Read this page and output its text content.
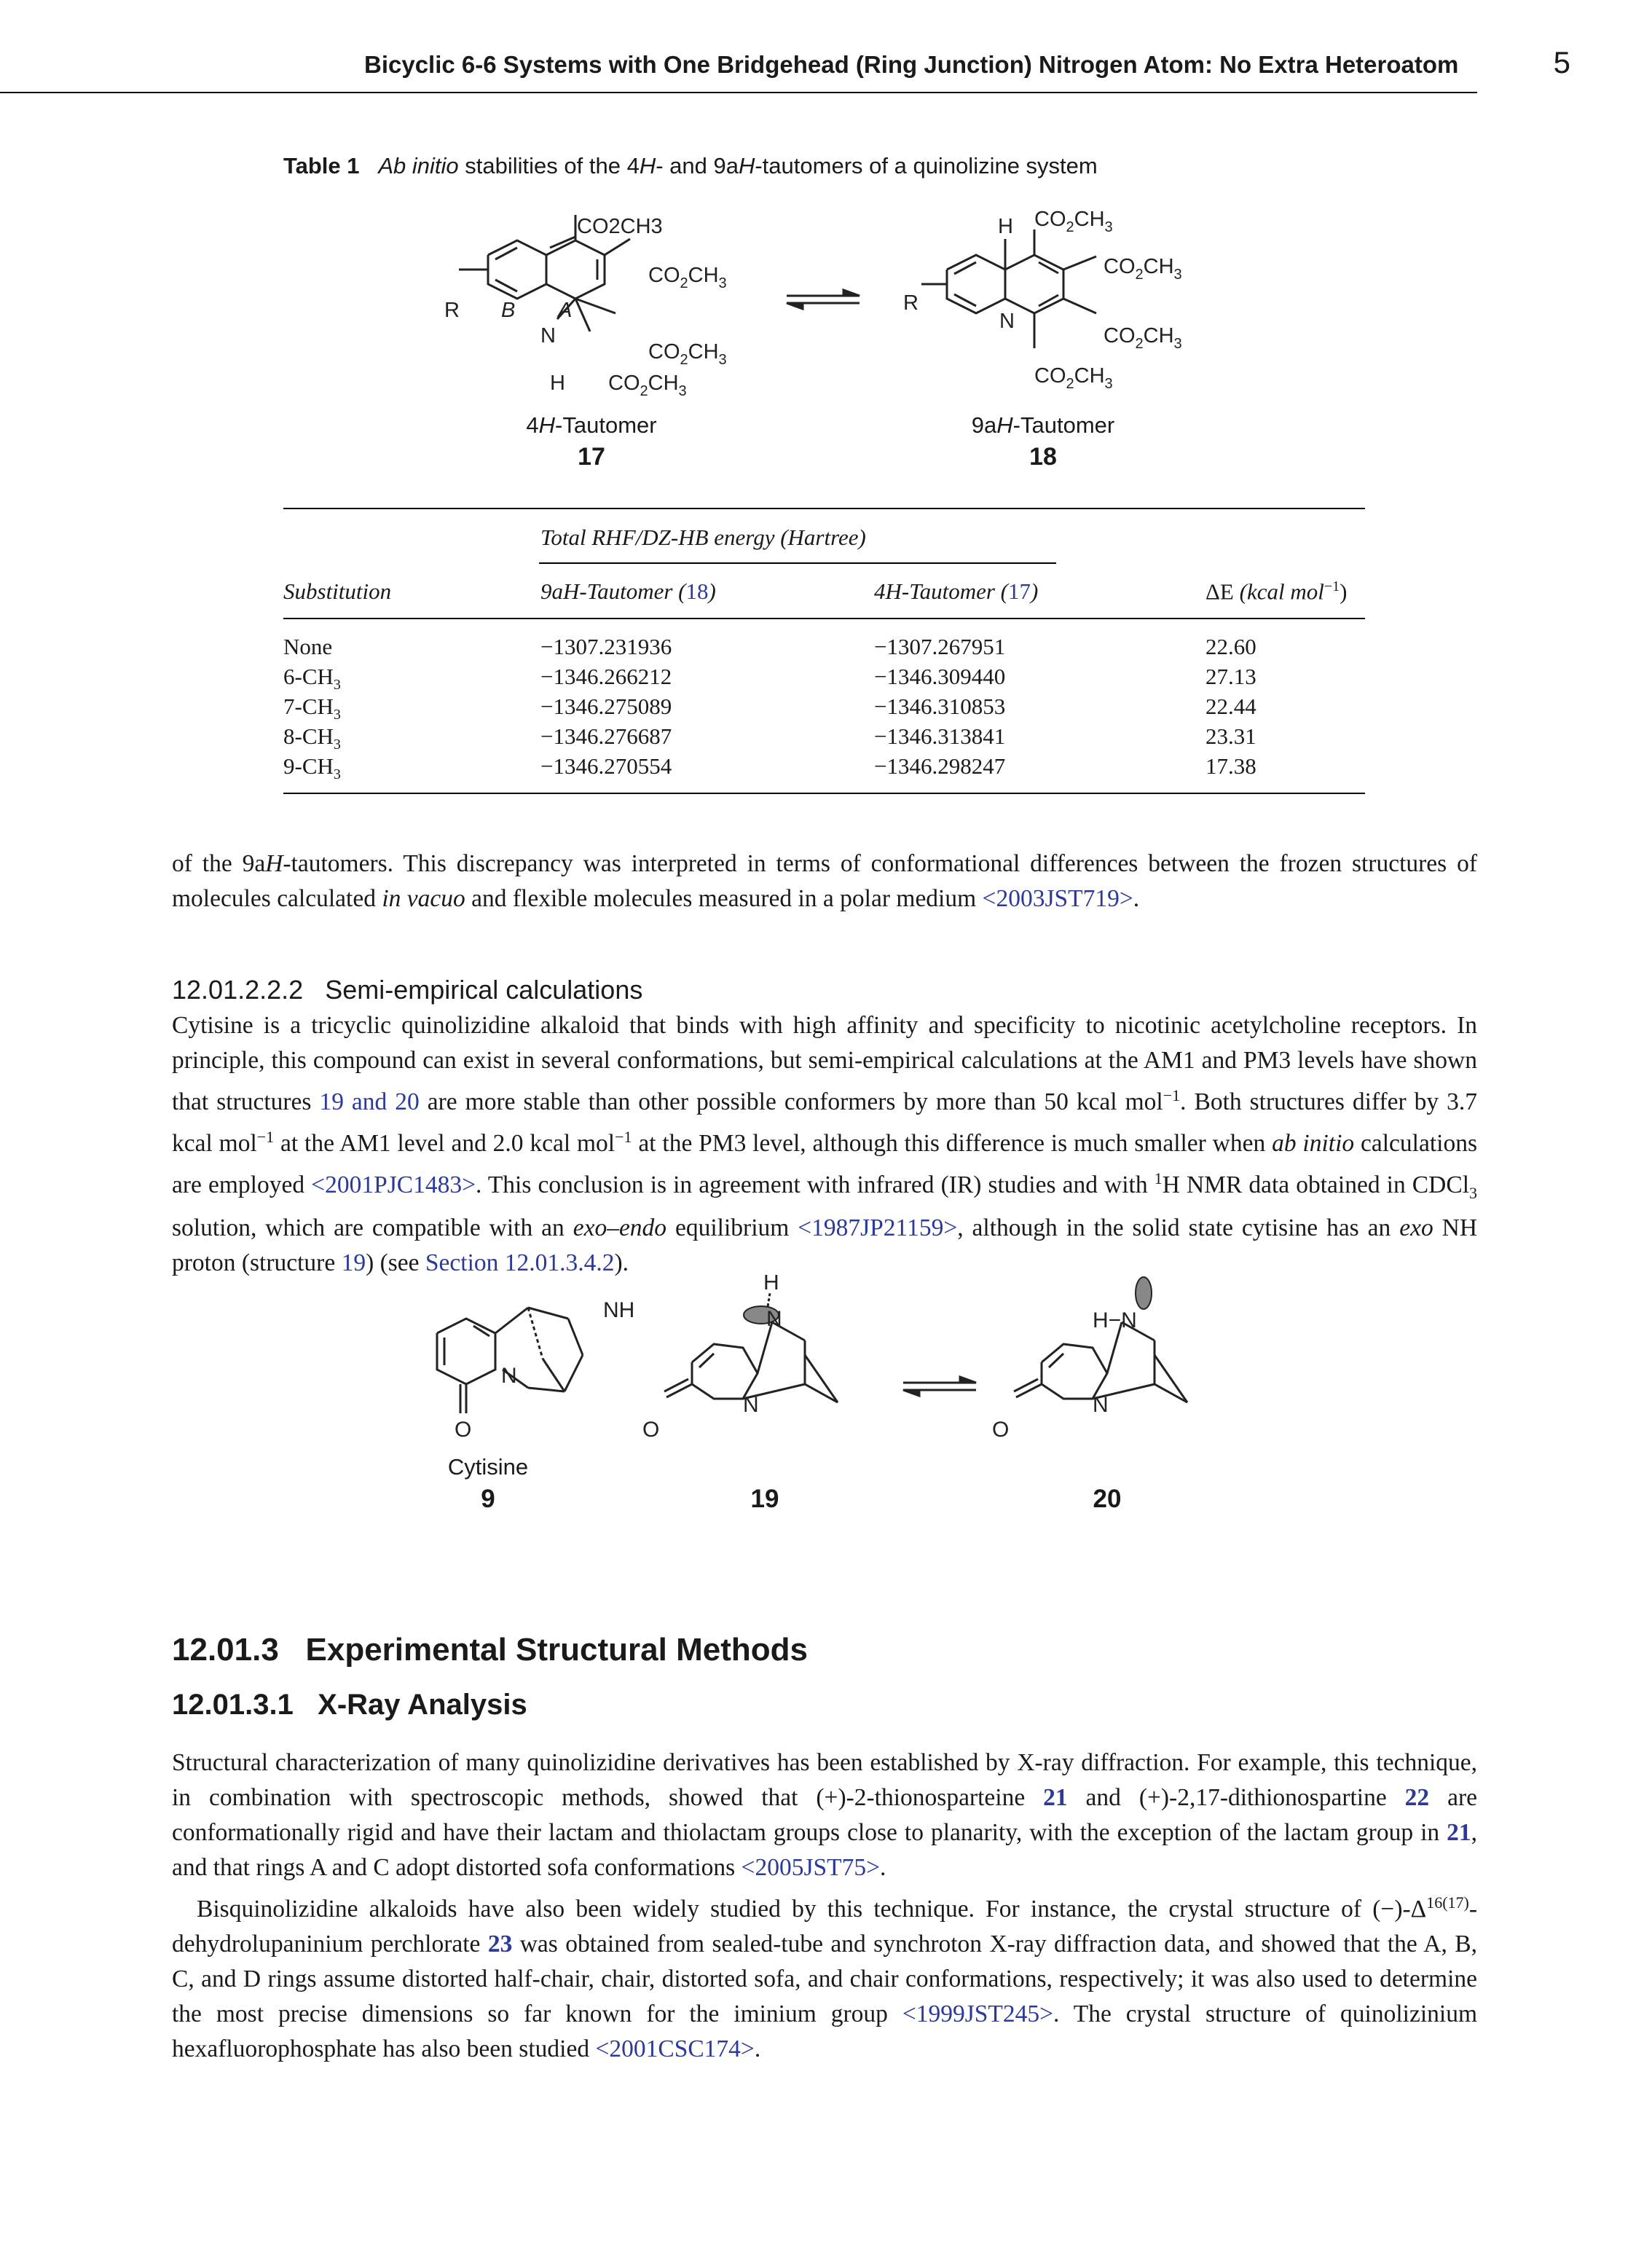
Bicyclic 6-6 Systems with One Bridgehead (Ring Junction) Nitrogen Atom: No Extra Heteroatom	5
Table 1 Ab initio stabilities of the 4H- and 9aH-tautomers of a quinolizine system
CO2CH3
$CO_2CH_3$
$CO_2CH_3$
$CO_2CH_3$
R B A
N
H
H $CO_2CH_3$
$CO_2CH_3$
$CO_2CH_3$
$CO_2CH_3$
R
N
4H-Tautomer
17
9aH-Tautomer
18
Total RHF/DZ-HB energy (Hartree)
Substitution	9aH-Tautomer (18)	4H-Tautomer (17)	ΔE (kcal mol$^{-1}$)
None	−1307.231936	−1307.267951	22.60
$6-CH_3$	−1346.266212	−1346.309440	27.13
$7-CH_3$	−1346.275089	−1346.310853	22.44
$8-CH_3$	−1346.276687	−1346.313841	23.31
$9-CH_3$	−1346.270554	−1346.298247	17.38

of the 9aH-tautomers. This discrepancy was interpreted in terms of conformational differences between the frozen structures of molecules calculated in vacuo and flexible molecules measured in a polar medium <2003JST719>.

12.01.2.2.2 Semi-empirical calculations

Cytisine is a tricyclic quinolizidine alkaloid that binds with high affinity and specificity to nicotinic acetylcholine receptors. In principle, this compound can exist in several conformations, but semi-empirical calculations at the AM1 and PM3 levels have shown that structures 19 and 20 are more stable than other possible conformers by more than 50 kcal mol$^{-1}$. Both structures differ by 3.7 kcal mol$^{-1}$ at the AM1 level and 2.0 kcal mol$^{-1}$ at the PM3 level, although this difference is much smaller when ab initio calculations are employed <2001PJC1483>. This conclusion is in agreement with infrared (IR) studies and with $^1$H NMR data obtained in CDCl$_3$ solution, which are compatible with an exo–endo equilibrium <1987JP21159>, although in the solid state cytisine has an exo NH proton (structure 19) (see Section 12.01.3.4.2).

NH
N
O
H
N
N
O
H−N
N
O
Cytisine
9	19	20
12.01.3 Experimental Structural Methods
12.01.3.1 X-Ray Analysis

Structural characterization of many quinolizidine derivatives has been established by X-ray diffraction. For example, this technique, in combination with spectroscopic methods, showed that (+)-2-thionosparteine 21 and (+)-2,17-dithionospartine 22 are conformationally rigid and have their lactam and thiolactam groups close to planarity, with the exception of the lactam group in 21, and that rings A and C adopt distorted sofa conformations <2005JST75>.

Bisquinolizidine alkaloids have also been widely studied by this technique. For instance, the crystal structure of $(-)-\Delta^{16(17)}$-dehydrolupaninium perchlorate 23 was obtained from sealed-tube and synchroton X-ray diffraction data, and showed that the A, B, C, and D rings assume distorted half-chair, chair, distorted sofa, and chair conformations, respectively; it was also used to determine the most precise dimensions so far known for the iminium group <1999JST245>. The crystal structure of quinolizinium hexafluorophosphate has also been studied <2001CSC174>.
